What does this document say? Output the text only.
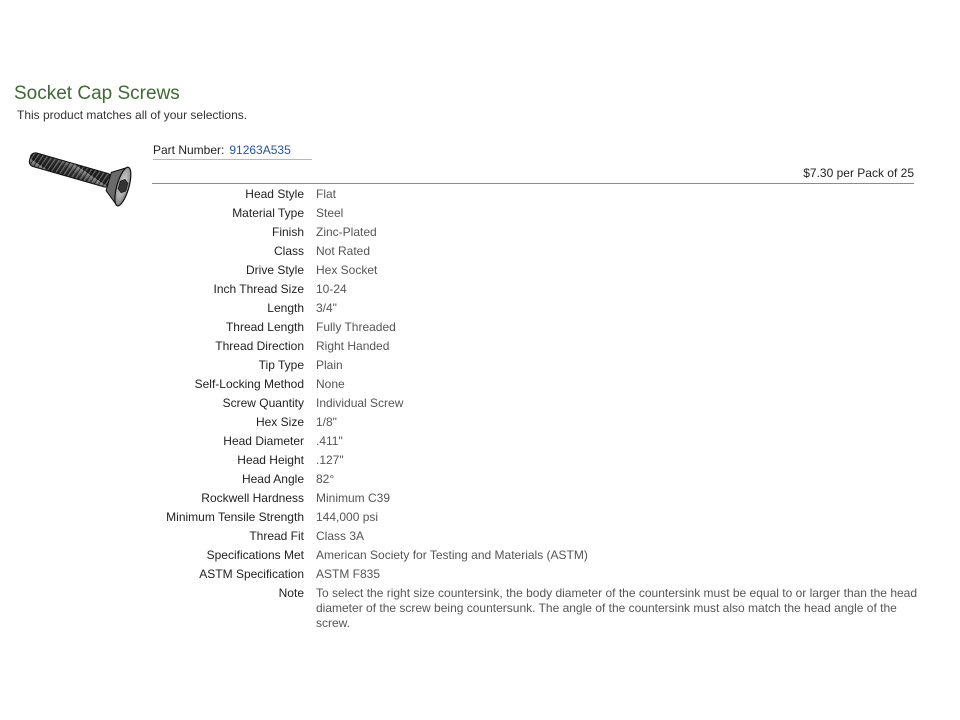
Socket Cap Screws
This product matches all of your selections.
Part Number: 91263A535
$7.30 per Pack of 25
Head Style		Flat
Material Type		Steel
Finish		Zinc-Plated
Class		Not Rated
Drive Style		Hex Socket
Inch Thread Size		10-24
Length		3/4"
Thread Length		Fully Threaded
Thread Direction		Right Handed
Tip Type		Plain
Self-Locking Method		None
Screw Quantity		Individual Screw
Hex Size		1/8"
Head Diameter		.411"
Head Height		.127"
Head Angle		82°
Rockwell Hardness		Minimum C39
Minimum Tensile Strength		144,000 psi
Thread Fit		Class 3A
Specifications Met		American Society for Testing and Materials (ASTM)
ASTM Specification		ASTM F835
Note		To select the right size countersink, the body diameter of the countersink must be equal to or larger than the head diameter of the screw being countersunk. The angle of the countersink must also match the head angle of the screw.
